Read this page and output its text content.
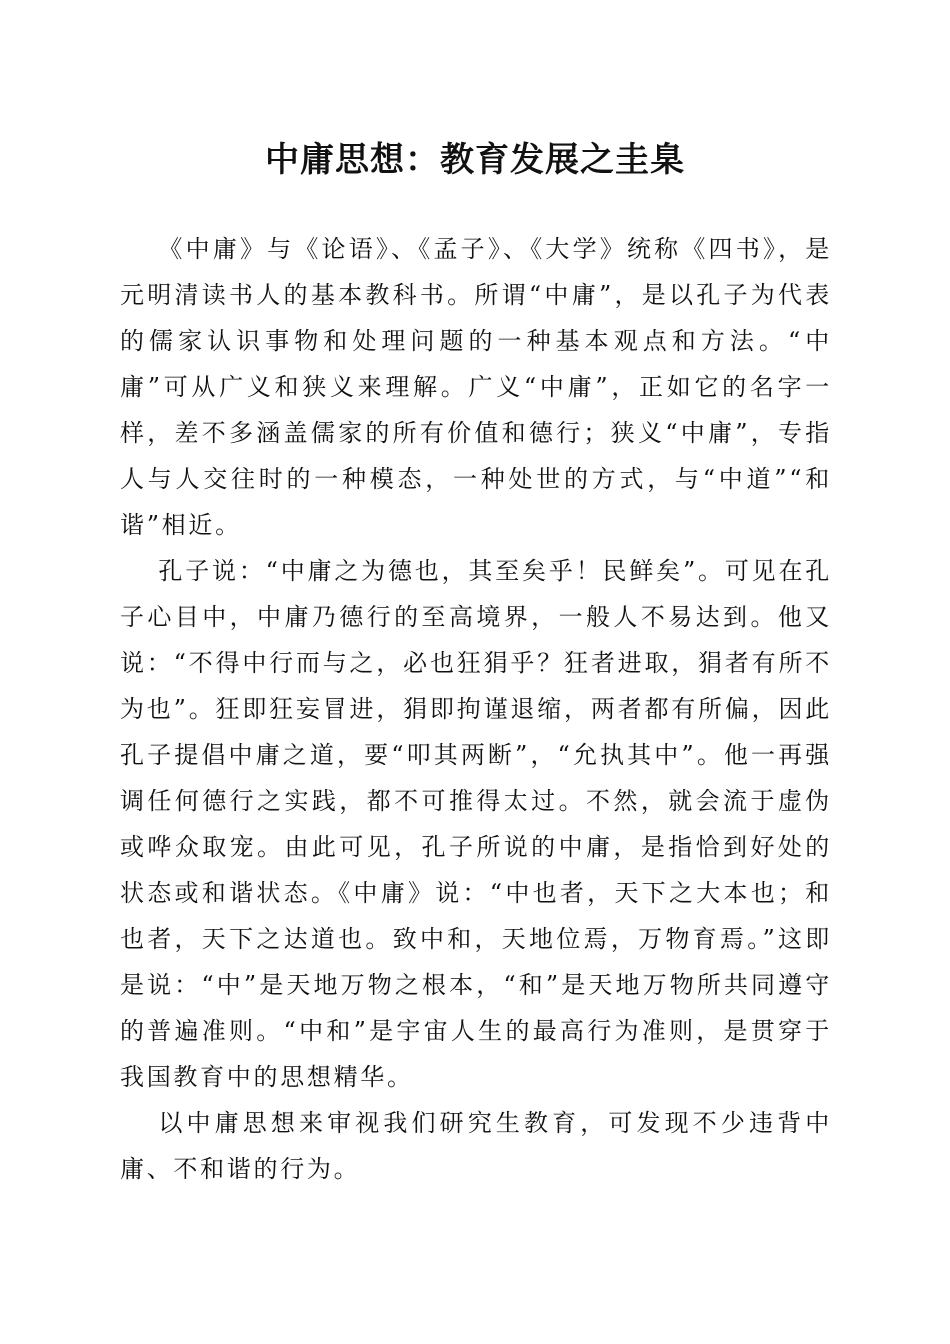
中庸思想：教育发展之圭臬

《中庸》与《论语》、《孟子》、《大学》统称《四书》，是元明清读书人的基本教科书。所谓“中庸”，是以孔子为代表的儒家认识事物和处理问题的一种基本观点和方法。“中庸”可从广义和狭义来理解。广义“中庸”，正如它的名字一样，差不多涵盖儒家的所有价值和德行；狭义“中庸”，专指人与人交往时的一种模态，一种处世的方式，与“中道”“和谐”相近。

孔子说：“中庸之为德也，其至矣乎！民鲜矣”。可见在孔子心目中，中庸乃德行的至高境界，一般人不易达到。他又说：“不得中行而与之，必也狂狷乎？狂者进取，狷者有所不为也”。狂即狂妄冒进，狷即拘谨退缩，两者都有所偏，因此孔子提倡中庸之道，要“叩其两断”，“允执其中”。他一再强调任何德行之实践，都不可推得太过。不然，就会流于虚伪或哗众取宠。由此可见，孔子所说的中庸，是指恰到好处的状态或和谐状态。《中庸》说：“中也者，天下之大本也；和也者，天下之达道也。致中和，天地位焉，万物育焉。”这即是说：“中”是天地万物之根本，“和”是天地万物所共同遵守的普遍准则。“中和”是宇宙人生的最高行为准则，是贯穿于我国教育中的思想精华。

以中庸思想来审视我们研究生教育，可发现不少违背中庸、不和谐的行为。
